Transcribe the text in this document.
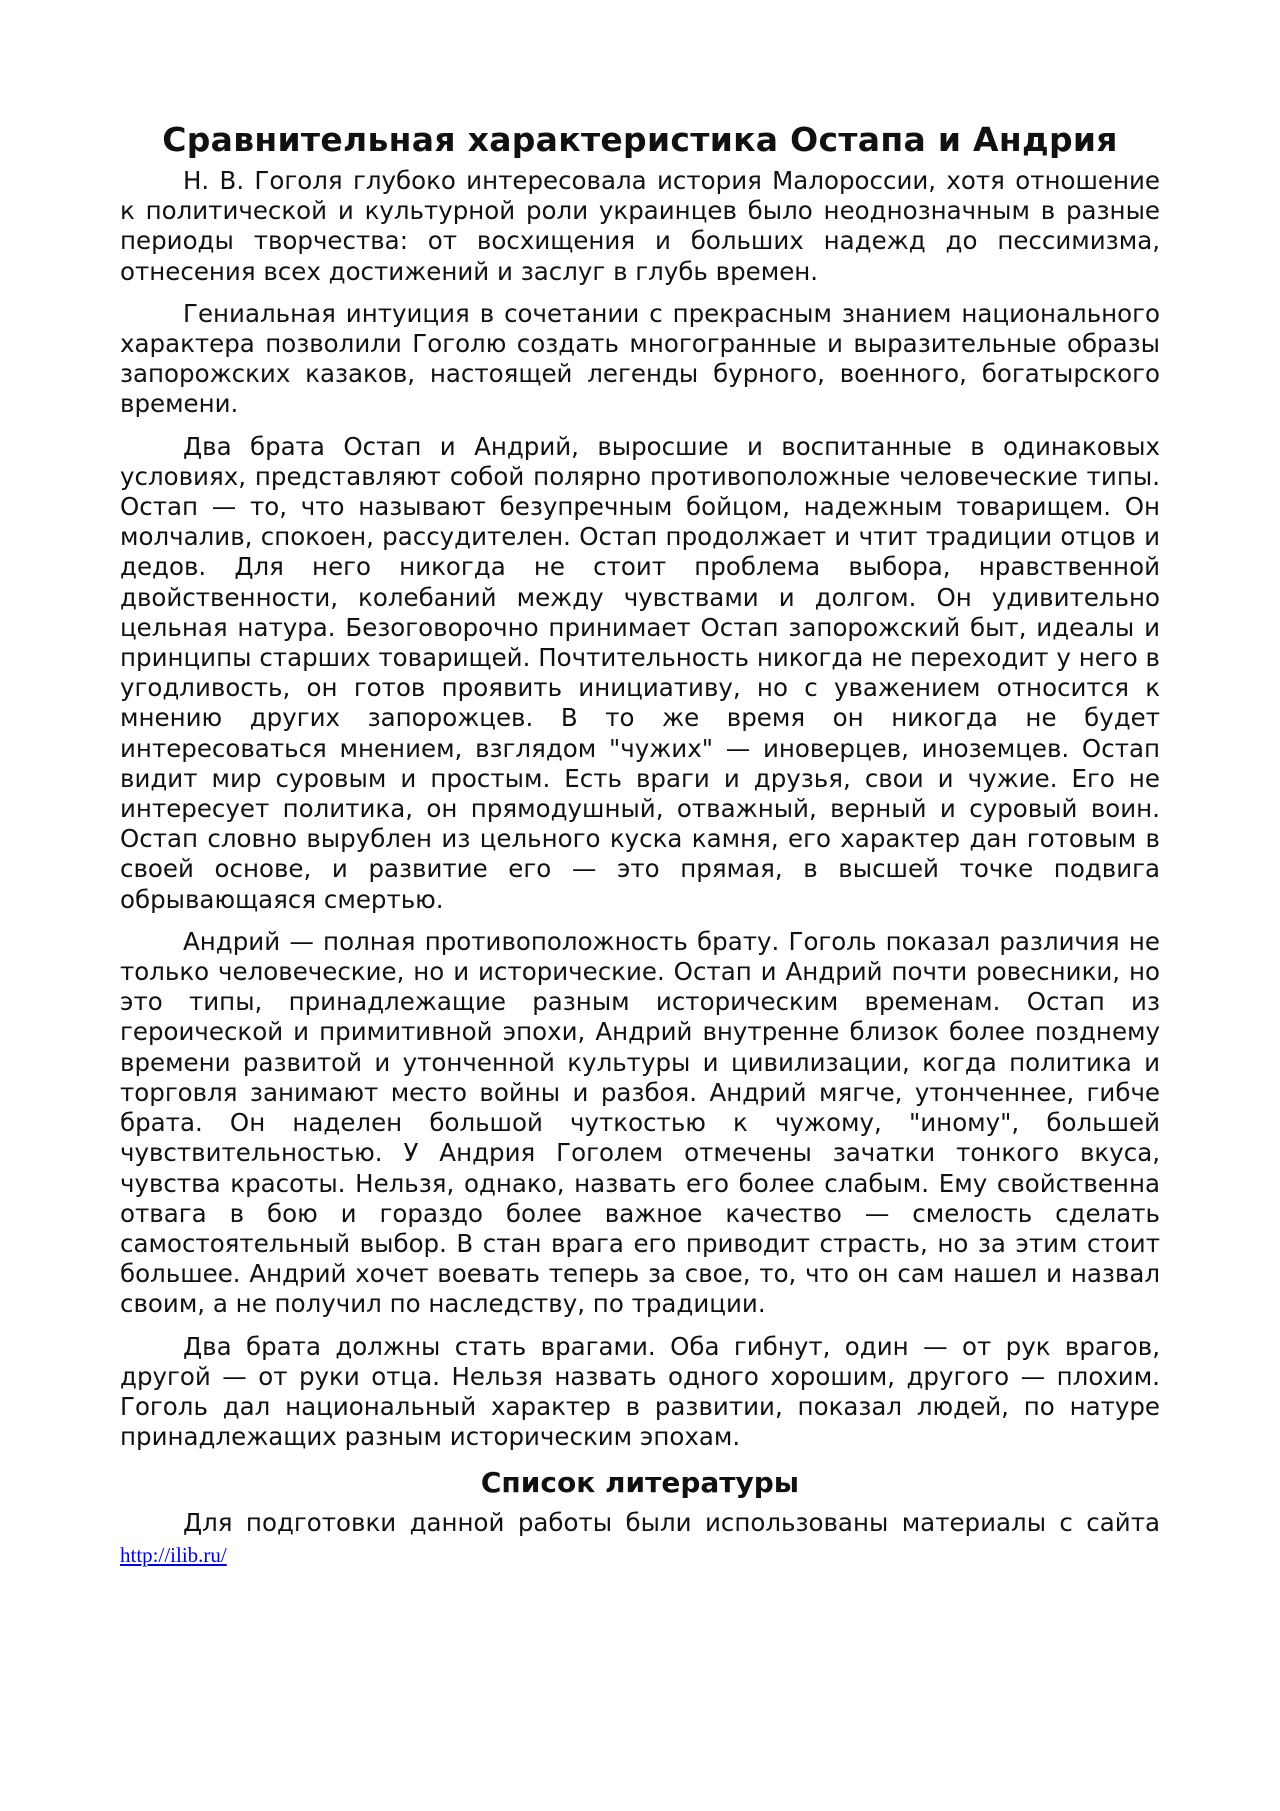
Сравнительная характеристика Остапа и Андрия

Н. В. Гоголя глубоко интересовала история Малороссии, хотя отношение к политической и культурной роли украинцев было неоднозначным в разные периоды творчества: от восхищения и больших надежд до пессимизма, отнесения всех достижений и заслуг в глубь времен.

Гениальная интуиция в сочетании с прекрасным знанием национального характера позволили Гоголю создать многогранные и выразительные образы запорожских казаков, настоящей легенды бурного, военного, богатырского времени.

Два брата Остап и Андрий, выросшие и воспитанные в одинаковых условиях, представляют собой полярно противоположные человеческие типы. Остап — то, что называют безупречным бойцом, надежным товарищем. Он молчалив, спокоен, рассудителен. Остап продолжает и чтит традиции отцов и дедов. Для него никогда не стоит проблема выбора, нравственной двойственности, колебаний между чувствами и долгом. Он удивительно цельная натура. Безоговорочно принимает Остап запорожский быт, идеалы и принципы старших товарищей. Почтительность никогда не переходит у него в угодливость, он готов проявить инициативу, но с уважением относится к мнению других запорожцев. В то же время он никогда не будет интересоваться мнением, взглядом "чужих" — иноверцев, иноземцев. Остап видит мир суровым и простым. Есть враги и друзья, свои и чужие. Его не интересует политика, он прямодушный, отважный, верный и суровый воин. Остап словно вырублен из цельного куска камня, его характер дан готовым в своей основе, и развитие его — это прямая, в высшей точке подвига обрывающаяся смертью.

Андрий — полная противоположность брату. Гоголь показал различия не только человеческие, но и исторические. Остап и Андрий почти ровесники, но это типы, принадлежащие разным историческим временам. Остап из героической и примитивной эпохи, Андрий внутренне близок более позднему времени развитой и утонченной культуры и цивилизации, когда политика и торговля занимают место войны и разбоя. Андрий мягче, утонченнее, гибче брата. Он наделен большой чуткостью к чужому, "иному", большей чувствительностью. У Андрия Гоголем отмечены зачатки тонкого вкуса, чувства красоты. Нельзя, однако, назвать его более слабым. Ему свойственна отвага в бою и гораздо более важное качество — смелость сделать самостоятельный выбор. В стан врага его приводит страсть, но за этим стоит большее. Андрий хочет воевать теперь за свое, то, что он сам нашел и назвал своим, а не получил по наследству, по традиции.

Два брата должны стать врагами. Оба гибнут, один — от рук врагов, другой — от руки отца. Нельзя назвать одного хорошим, другого — плохим. Гоголь дал национальный характер в развитии, показал людей, по натуре принадлежащих разным историческим эпохам.

Список литературы

Для подготовки данной работы были использованы материалы с сайта http://ilib.ru/
